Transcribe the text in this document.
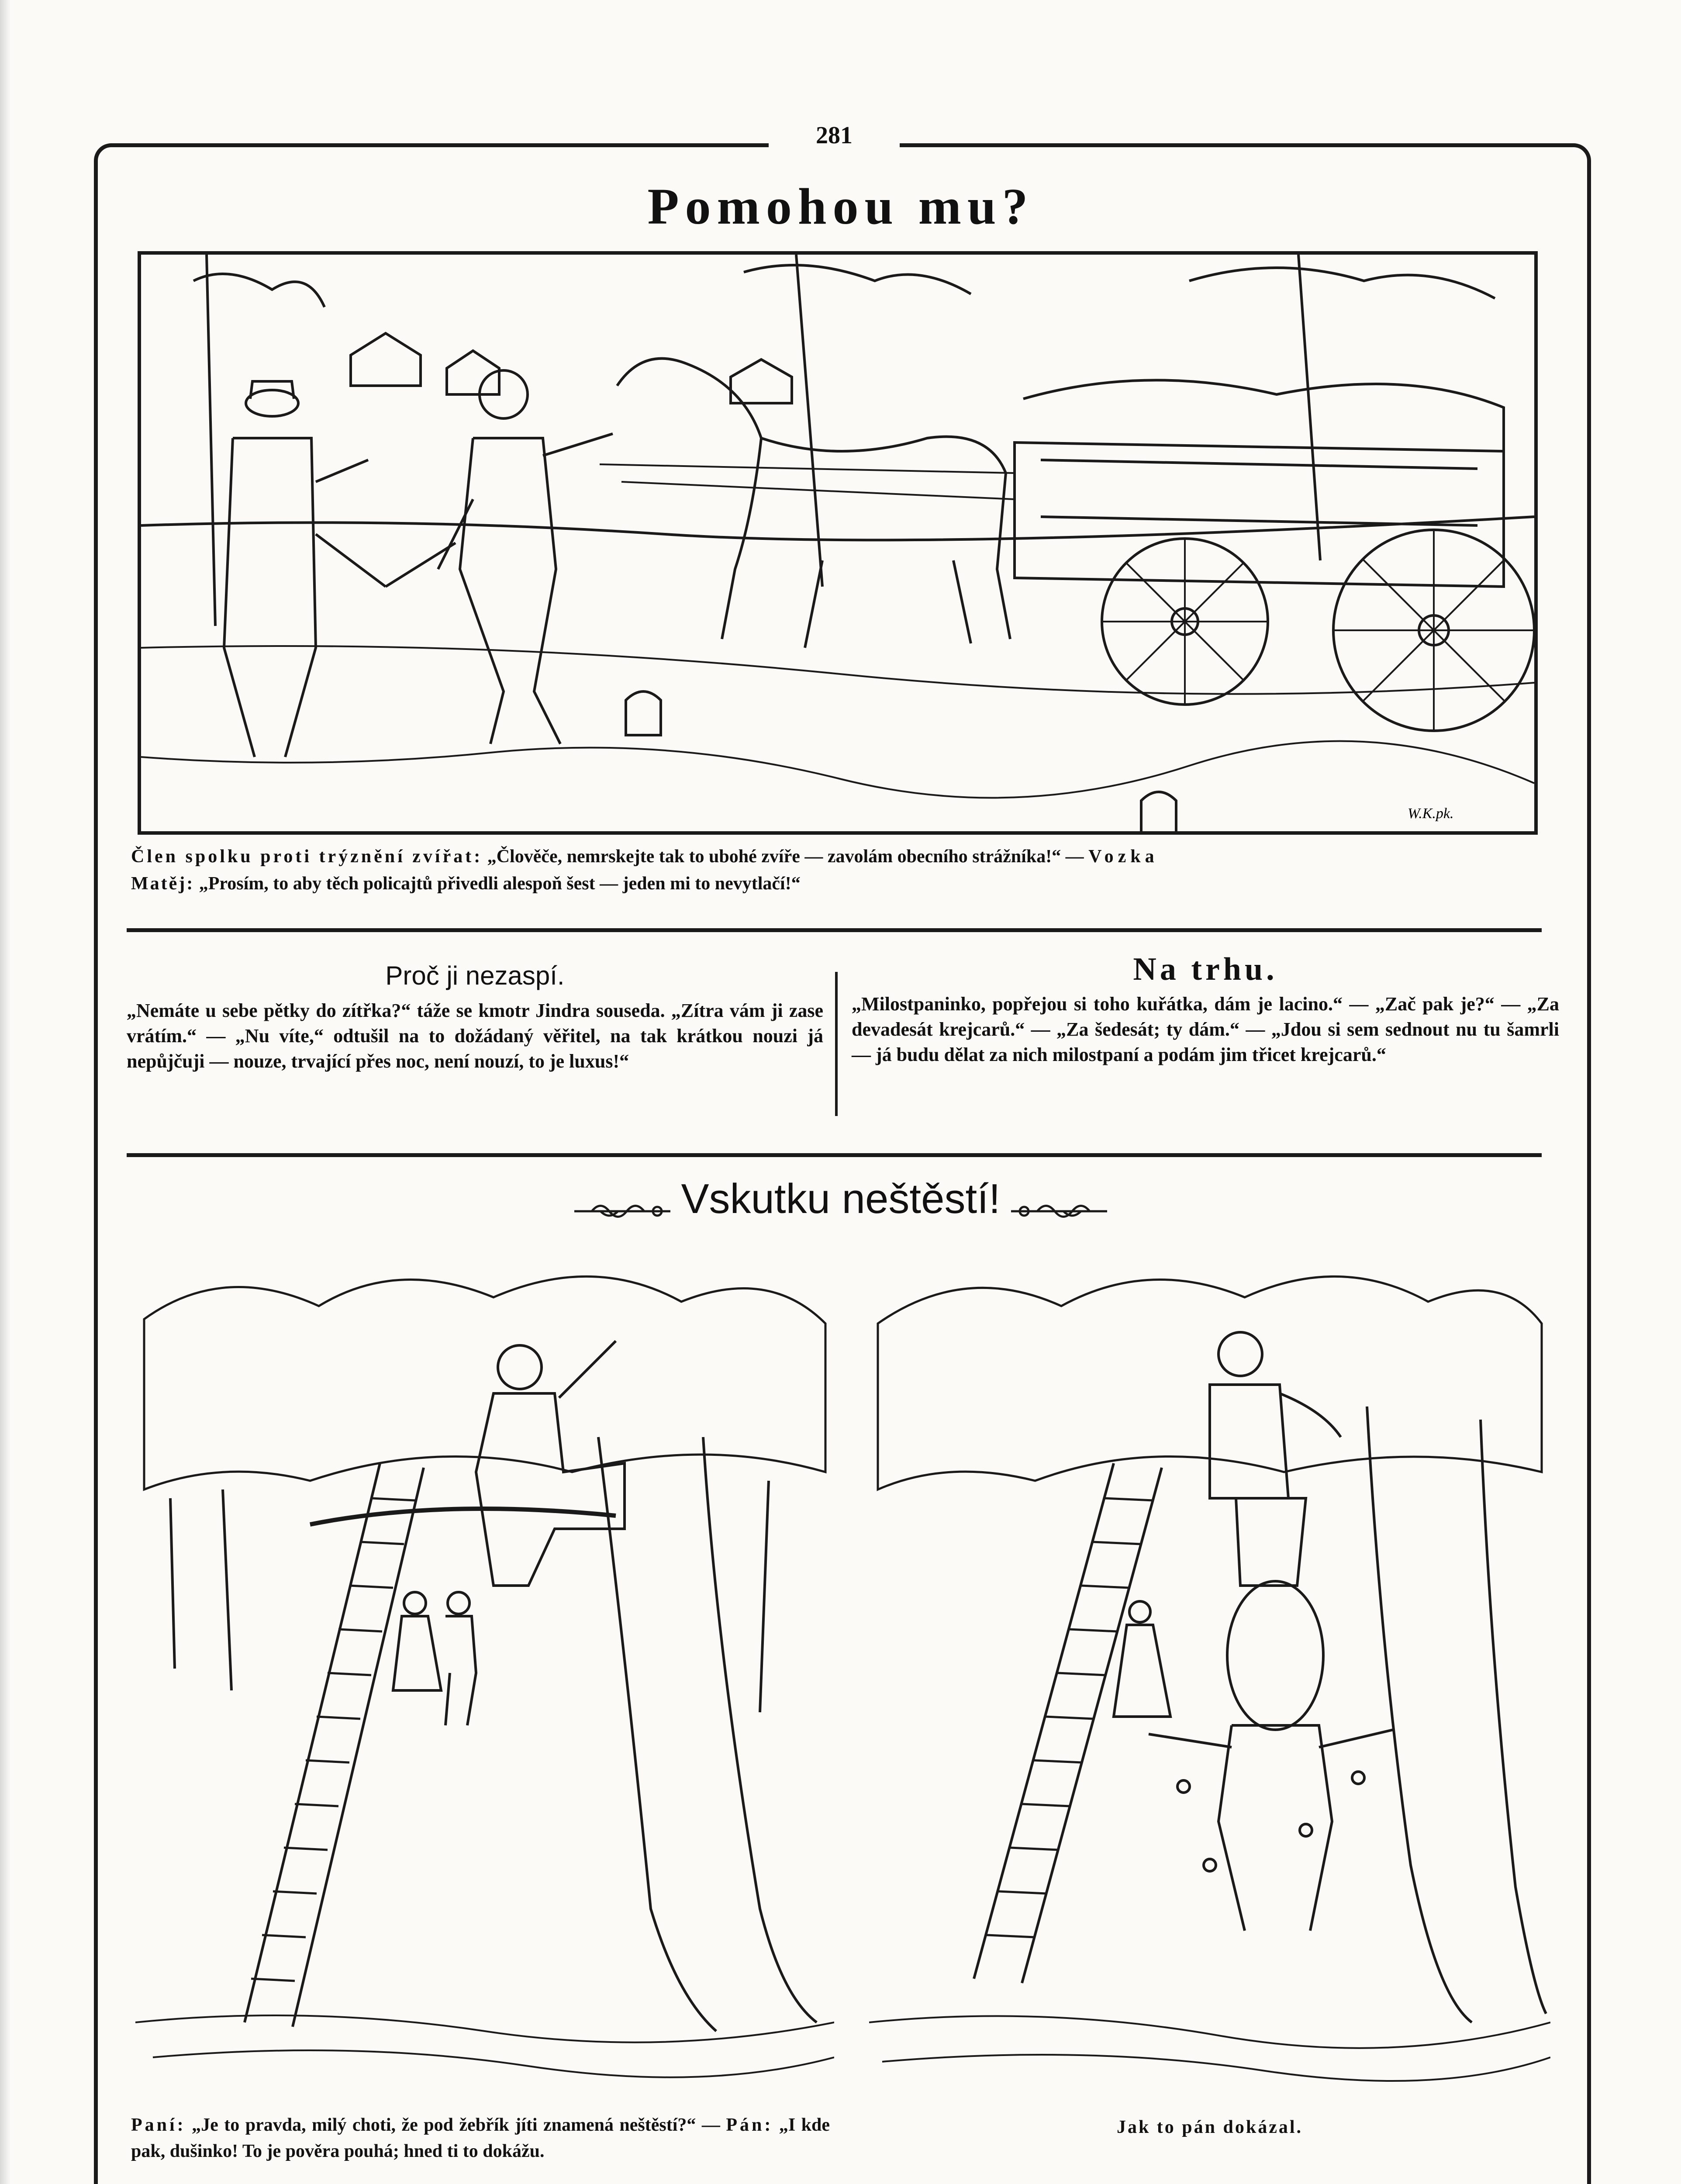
281
Pomohou mu?
W.K.pk.
Člen spolku proti trýznění zvířat: „Člověče, nemrskejte tak to ubohé zvíře — zavolám obecního strážníka!“ — Vozka
Matěj: „Prosím, to aby těch policajtů přivedli alespoň šest — jeden mi to nevytlačí!“
Proč ji nezaspí.
„Nemáte u sebe pětky do zítřka?“ táže se kmotr Jindra souseda. „Zítra vám ji zase vrátím.“ — „Nu víte,“ odtušil na to dožádaný věřitel, na tak krátkou nouzi já nepůjčuji — nouze, trvající přes noc, není nouzí, to je luxus!“
Na trhu.
„Milostpaninko, popřejou si toho kuřátka, dám je lacino.“ — „Zač pak je?“ — „Za devadesát krejcarů.“ — „Za šedesát; ty dám.“ — „Jdou si sem sednout nu tu šamrli — já budu dělat za nich milostpaní a podám jim třicet krejcarů.“
Vskutku neštěstí!
Paní: „Je to pravda, milý choti, že pod žebřík jíti znamená neštěstí?“ — Pán: „I kde pak, dušinko! To je pověra pouhá; hned ti to dokážu.
Jak to pán dokázal.
